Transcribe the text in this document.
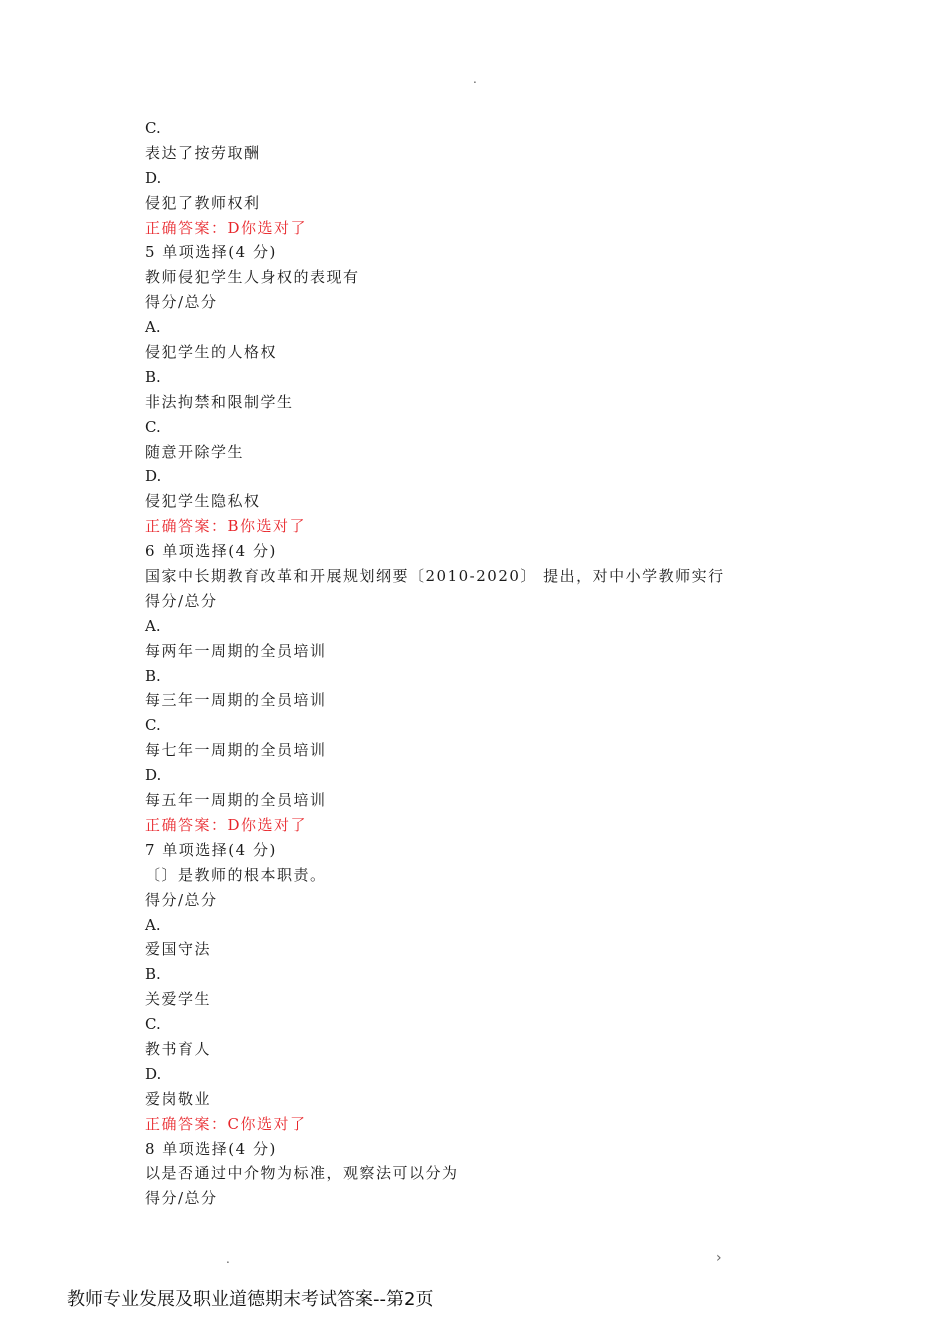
.
C.
表达了按劳取酬
D.
侵犯了教师权利
正确答案：D你选对了
5 单项选择(4 分)
教师侵犯学生人身权的表现有
得分/总分
A.
侵犯学生的人格权
B.
非法拘禁和限制学生
C.
随意开除学生
D.
侵犯学生隐私权
正确答案：B你选对了
6 单项选择(4 分)
国家中长期教育改革和开展规划纲要〔2010-2020〕 提出，对中小学教师实行
得分/总分
A.
每两年一周期的全员培训
B.
每三年一周期的全员培训
C.
每七年一周期的全员培训
D.
每五年一周期的全员培训
正确答案：D你选对了
7 单项选择(4 分)
〔〕是教师的根本职责。
得分/总分
A.
爱国守法
B.
关爱学生
C.
教书育人
D.
爱岗敬业
正确答案：C你选对了
8 单项选择(4 分)
以是否通过中介物为标准，观察法可以分为
得分/总分
.	›
教师专业发展及职业道德期末考试答案--第2页
